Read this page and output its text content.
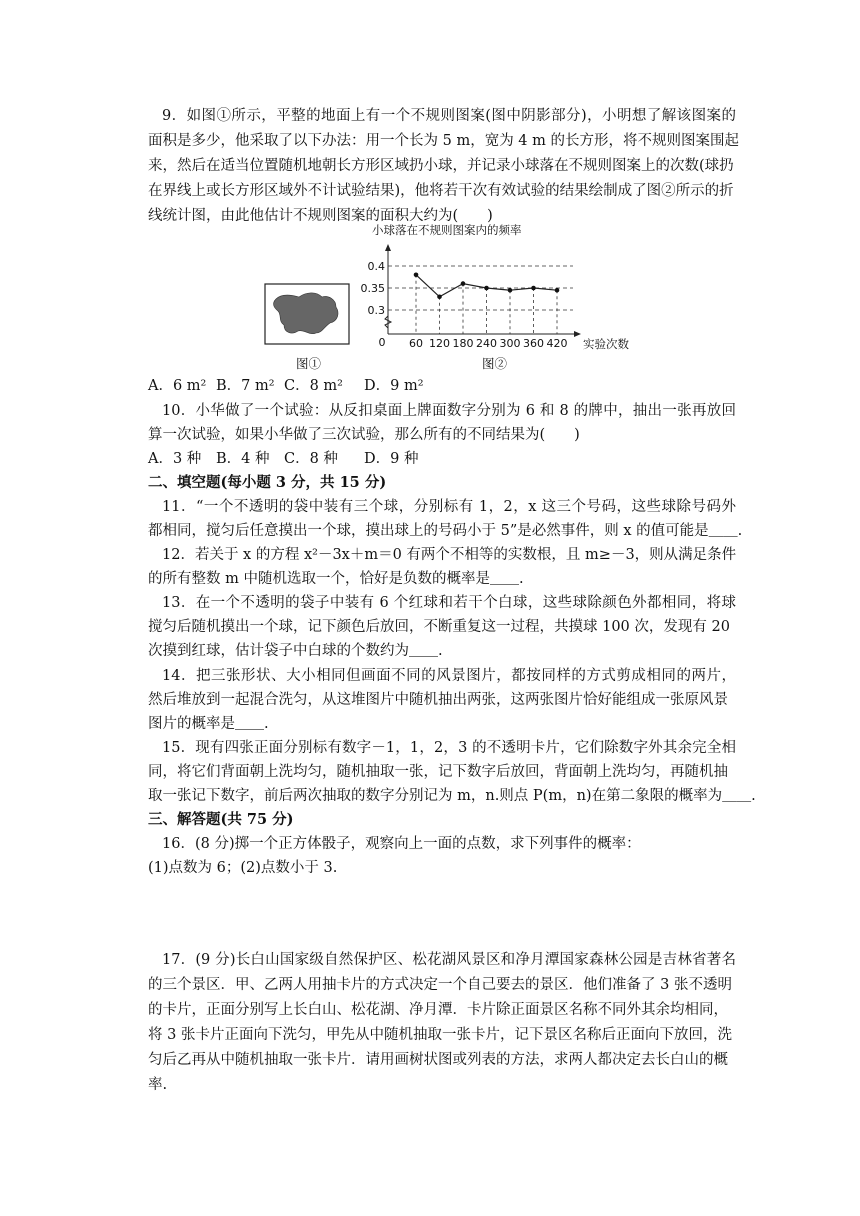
9．如图①所示，平整的地面上有一个不规则图案(图中阴影部分)，小明想了解该图案的
面积是多少，他采取了以下办法：用一个长为 5 m，宽为 4 m 的长方形，将不规则图案围起
来，然后在适当位置随机地朝长方形区域扔小球，并记录小球落在不规则图案上的次数(球扔
在界线上或长方形区域外不计试验结果)，他将若干次有效试验的结果绘制成了图②所示的折
线统计图，由此他估计不规则图案的面积大约为(　　)
图①
小球落在不规则图案内的频率
0.3
0.35
0.4
0 60 120 180 240 300 360 420 实验次数
图②
A．6 m² B．7 m² C．8 m² D．9 m²
10．小华做了一个试验：从反扣桌面上牌面数字分别为 6 和 8 的牌中，抽出一张再放回
算一次试验，如果小华做了三次试验，那么所有的不同结果为(　　)
A．3 种 B．4 种 C．8 种 D．9 种
二、填空题(每小题 3 分，共 15 分)
11．“一个不透明的袋中装有三个球，分别标有 1，2，x 这三个号码，这些球除号码外
都相同，搅匀后任意摸出一个球，摸出球上的号码小于 5”是必然事件，则 x 的值可能是＿＿.
12．若关于 x 的方程 x²－3x＋m＝0 有两个不相等的实数根，且 m≥－3，则从满足条件
的所有整数 m 中随机选取一个，恰好是负数的概率是＿＿.
13．在一个不透明的袋子中装有 6 个红球和若干个白球，这些球除颜色外都相同，将球
搅匀后随机摸出一个球，记下颜色后放回，不断重复这一过程，共摸球 100 次，发现有 20
次摸到红球，估计袋子中白球的个数约为＿＿.
14．把三张形状、大小相同但画面不同的风景图片，都按同样的方式剪成相同的两片，
然后堆放到一起混合洗匀，从这堆图片中随机抽出两张，这两张图片恰好能组成一张原风景
图片的概率是＿＿.
15．现有四张正面分别标有数字－1，1，2，3 的不透明卡片，它们除数字外其余完全相
同，将它们背面朝上洗均匀，随机抽取一张，记下数字后放回，背面朝上洗均匀，再随机抽
取一张记下数字，前后两次抽取的数字分别记为 m，n.则点 P(m，n)在第二象限的概率为＿＿.
三、解答题(共 75 分)
16．(8 分)掷一个正方体骰子，观察向上一面的点数，求下列事件的概率：
(1)点数为 6；(2)点数小于 3.
17．(9 分)长白山国家级自然保护区、松花湖风景区和净月潭国家森林公园是吉林省著名
的三个景区．甲、乙两人用抽卡片的方式决定一个自己要去的景区．他们准备了 3 张不透明
的卡片，正面分别写上长白山、松花湖、净月潭．卡片除正面景区名称不同外其余均相同，
将 3 张卡片正面向下洗匀，甲先从中随机抽取一张卡片，记下景区名称后正面向下放回，洗
匀后乙再从中随机抽取一张卡片．请用画树状图或列表的方法，求两人都决定去长白山的概
率.
